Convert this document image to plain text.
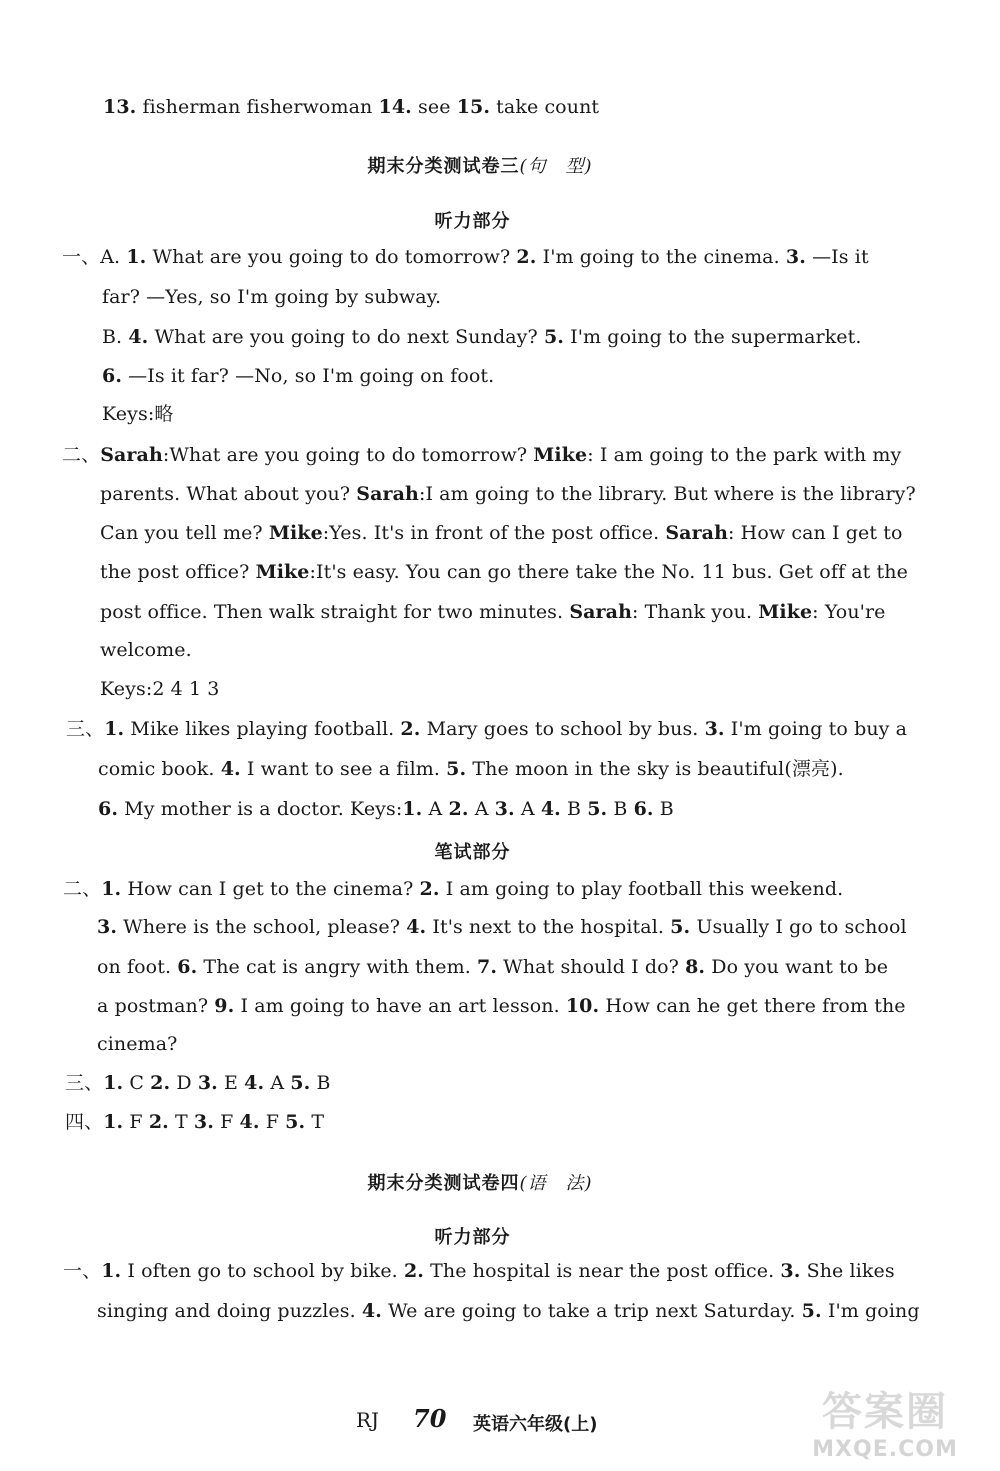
13. fisherman fisherwoman 14. see 15. take count
期末分类测试卷三(句　型)
听力部分
一、A. 1. What are you going to do tomorrow? 2. I'm going to the cinema. 3. —Is it
far? —Yes, so I'm going by subway.
B. 4. What are you going to do next Sunday? 5. I'm going to the supermarket.
6. —Is it far? —No, so I'm going on foot.
Keys:略
二、Sarah:What are you going to do tomorrow? Mike: I am going to the park with my
parents. What about you? Sarah:I am going to the library. But where is the library?
Can you tell me? Mike:Yes. It's in front of the post office. Sarah: How can I get to
the post office? Mike:It's easy. You can go there take the No. 11 bus. Get off at the
post office. Then walk straight for two minutes. Sarah: Thank you. Mike: You're
welcome.
Keys:2 4 1 3
三、1. Mike likes playing football. 2. Mary goes to school by bus. 3. I'm going to buy a
comic book. 4. I want to see a film. 5. The moon in the sky is beautiful(漂亮).
6. My mother is a doctor. Keys:1. A 2. A 3. A 4. B 5. B 6. B
笔试部分
二、1. How can I get to the cinema? 2. I am going to play football this weekend.
3. Where is the school, please? 4. It's next to the hospital. 5. Usually I go to school
on foot. 6. The cat is angry with them. 7. What should I do? 8. Do you want to be
a postman? 9. I am going to have an art lesson. 10. How can he get there from the
cinema?
三、1. C 2. D 3. E 4. A 5. B
四、1. F 2. T 3. F 4. F 5. T
期末分类测试卷四(语　法)
听力部分
一、1. I often go to school by bike. 2. The hospital is near the post office. 3. She likes
singing and doing puzzles. 4. We are going to take a trip next Saturday. 5. I'm going
RJ 70 英语六年级(上)	答案圈
MXQE.COM
